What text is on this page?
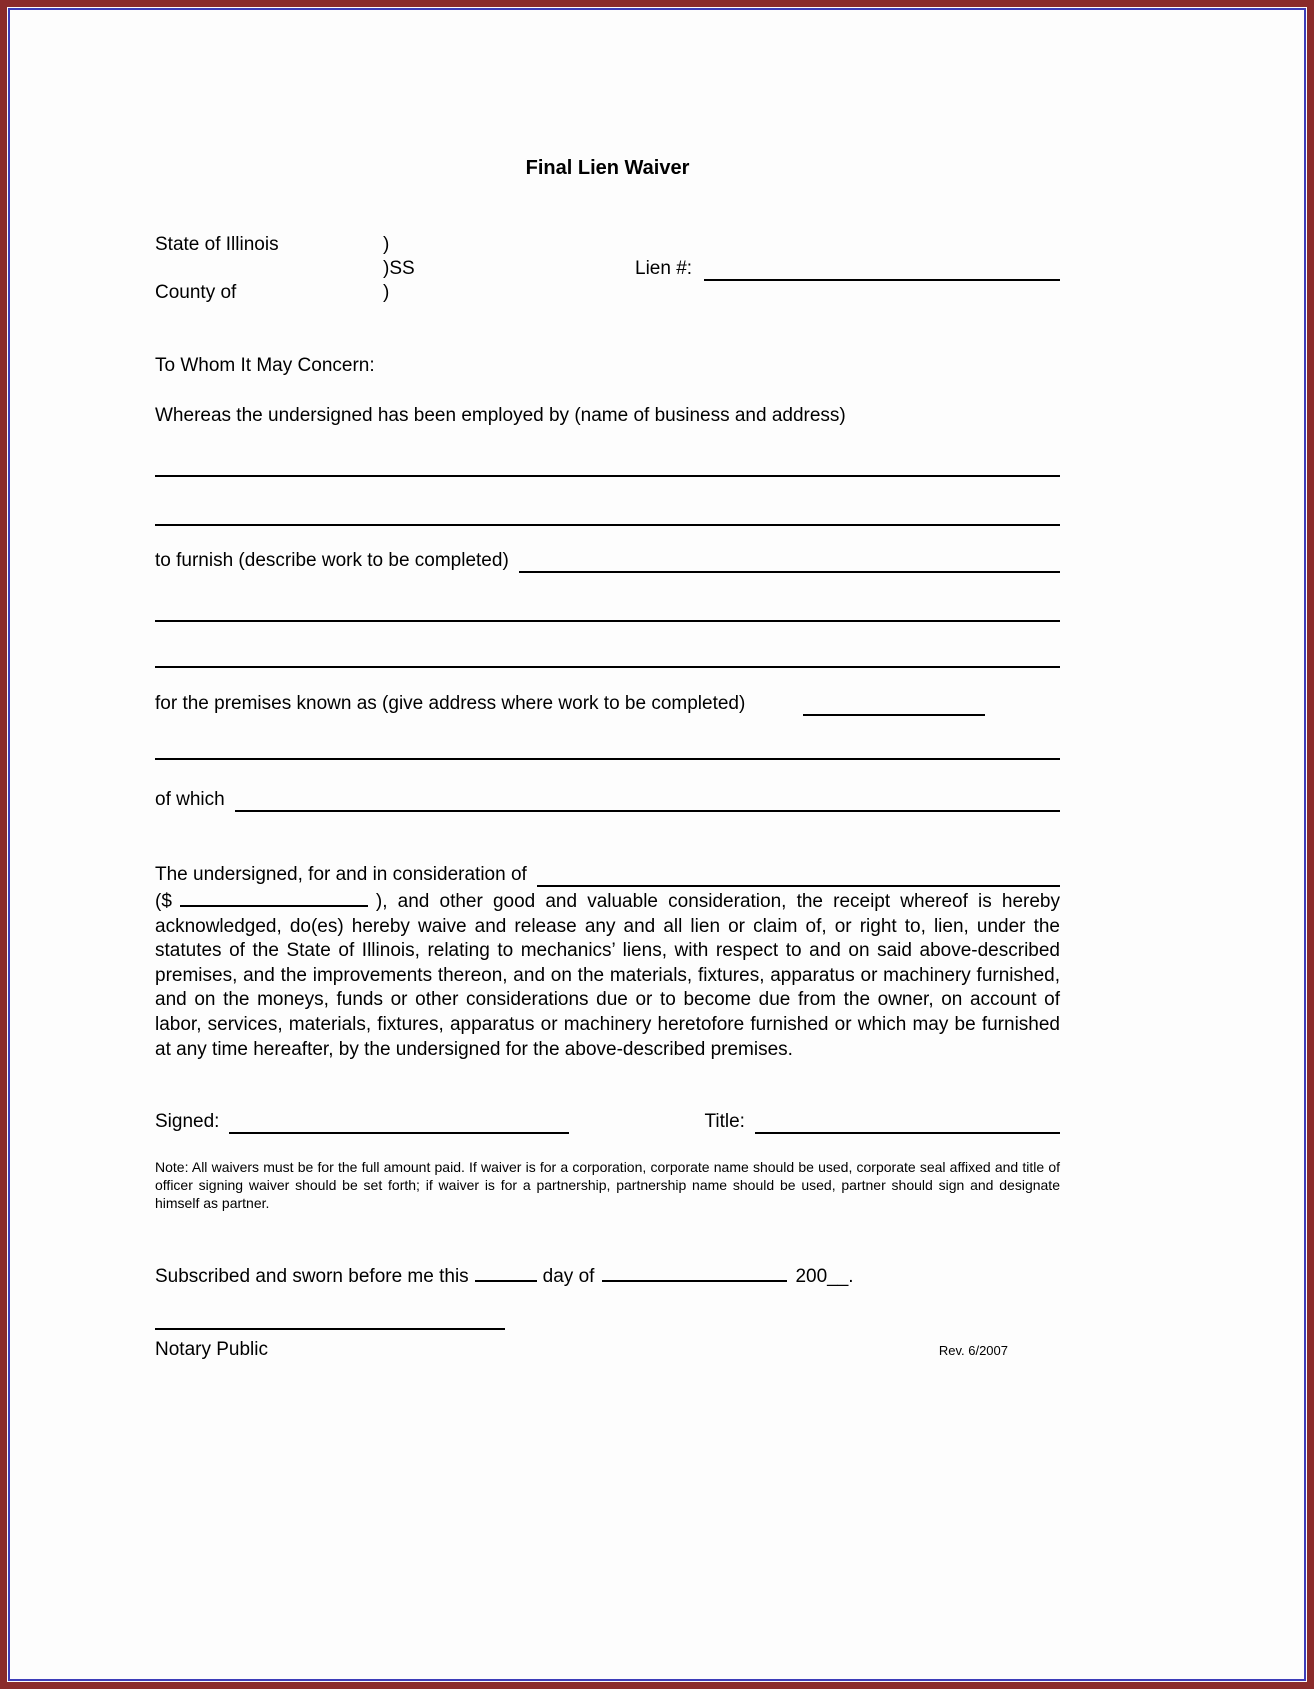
Final Lien Waiver
State of Illinois	)
)SS	Lien #:
County of	)
To Whom It May Concern:
Whereas the undersigned has been employed by (name of business and address)
to furnish (describe work to be completed)
for the premises known as (give address where work to be completed)
of which
The undersigned, for and in consideration of
($	), and other good and valuable consideration, the receipt whereof is hereby acknowledged, do(es) hereby waive and release any and all lien or claim of, or right to, lien, under the statutes of the State of Illinois, relating to mechanics’ liens, with respect to and on said above-described premises, and the improvements thereon, and on the materials, fixtures, apparatus or machinery furnished, and on the moneys, funds or other considerations due or to become due from the owner, on account of labor, services, materials, fixtures, apparatus or machinery heretofore furnished or which may be furnished at any time hereafter, by the undersigned for the above-described premises.
Signed:	Title:
Note: All waivers must be for the full amount paid. If waiver is for a corporation, corporate name should be used, corporate seal affixed and title of officer signing waiver should be set forth; if waiver is for a partnership, partnership name should be used, partner should sign and designate himself as partner.
Subscribed and sworn before me this	day of	200__.
Notary Public	Rev. 6/2007
